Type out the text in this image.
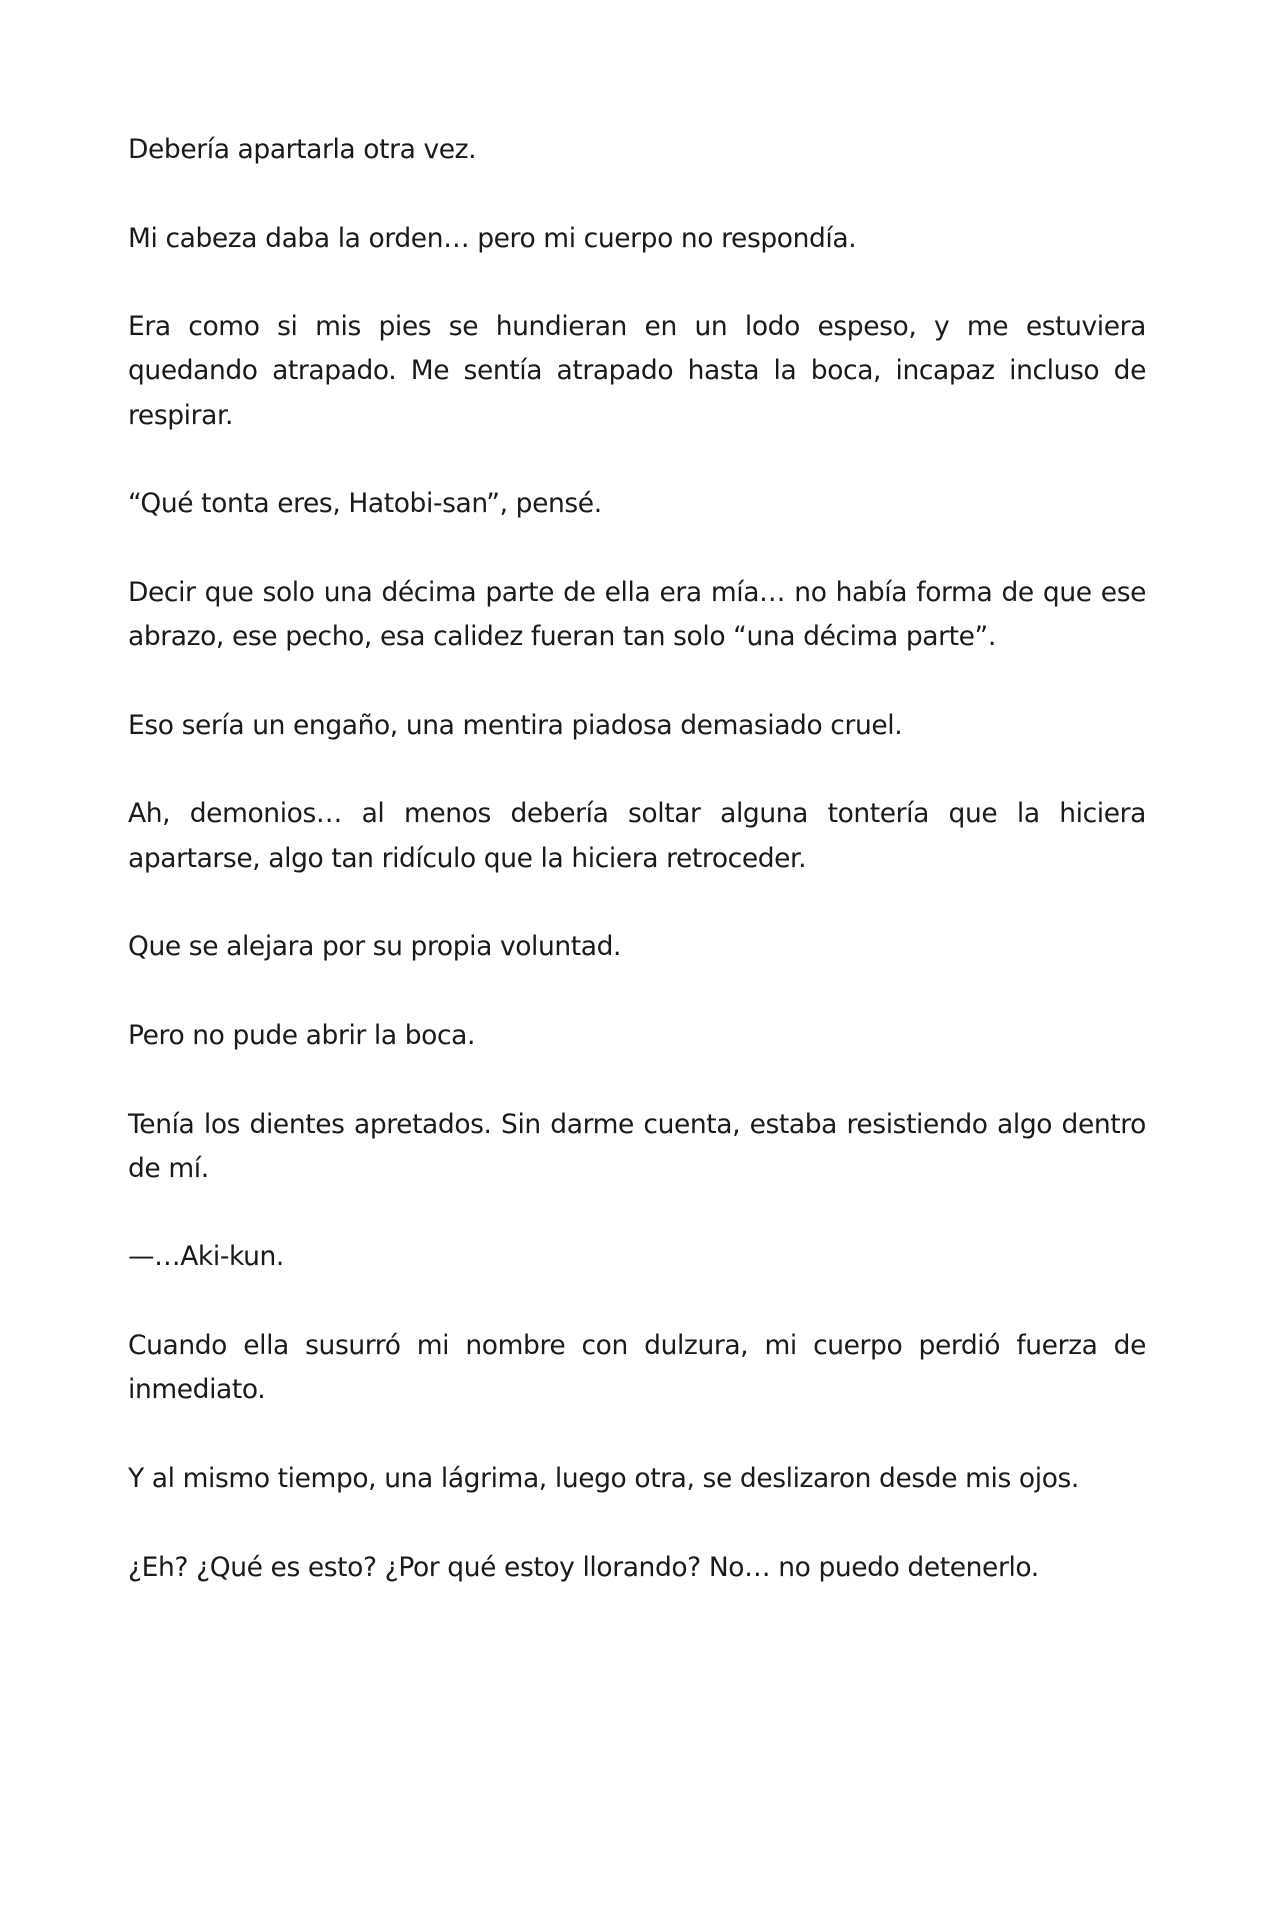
Debería apartarla otra vez.

Mi cabeza daba la orden… pero mi cuerpo no respondía.

Era como si mis pies se hundieran en un lodo espeso, y me estuviera quedando atrapado. Me sentía atrapado hasta la boca, incapaz incluso de respirar.

“Qué tonta eres, Hatobi-san”, pensé.

Decir que solo una décima parte de ella era mía… no había forma de que ese abrazo, ese pecho, esa calidez fueran tan solo “una décima parte”.

Eso sería un engaño, una mentira piadosa demasiado cruel.

Ah, demonios… al menos debería soltar alguna tontería que la hiciera apartarse, algo tan ridículo que la hiciera retroceder.

Que se alejara por su propia voluntad.

Pero no pude abrir la boca.

Tenía los dientes apretados. Sin darme cuenta, estaba resistiendo algo dentro de mí.

—…Aki-kun.

Cuando ella susurró mi nombre con dulzura, mi cuerpo perdió fuerza de inmediato.

Y al mismo tiempo, una lágrima, luego otra, se deslizaron desde mis ojos.

¿Eh? ¿Qué es esto? ¿Por qué estoy llorando? No… no puedo detenerlo.
